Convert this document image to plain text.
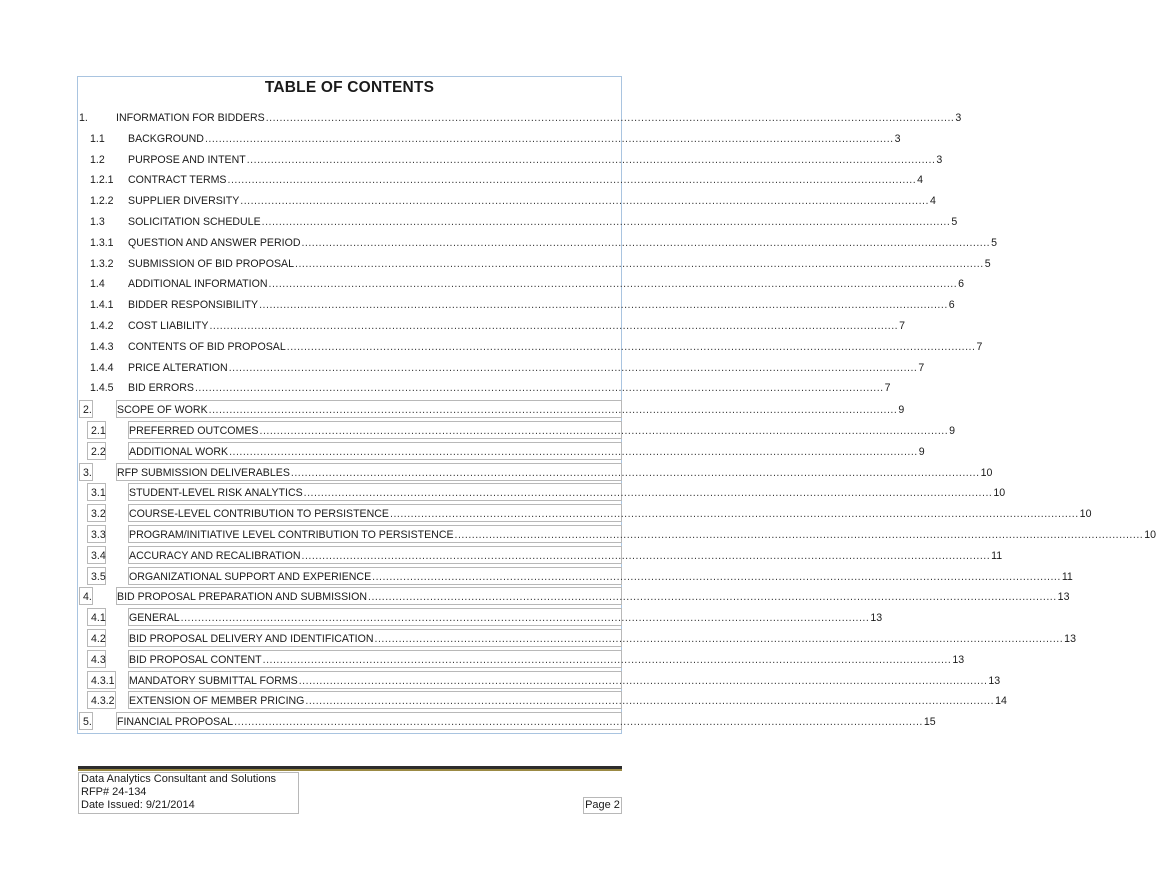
TABLE OF CONTENTS
1.	INFORMATION FOR BIDDERS ........................................................................................................................................................................................................ 3
1.1 BACKGROUND ........................................................................................................................................................................................................ 3
1.2 PURPOSE AND INTENT ........................................................................................................................................................................................................ 3
1.2.1 CONTRACT TERMS ........................................................................................................................................................................................................ 4
1.2.2 SUPPLIER DIVERSITY ........................................................................................................................................................................................................ 4
1.3 SOLICITATION SCHEDULE ........................................................................................................................................................................................................ 5
1.3.1 QUESTION AND ANSWER PERIOD ........................................................................................................................................................................................................ 5
1.3.2 SUBMISSION OF BID PROPOSAL ........................................................................................................................................................................................................ 5
1.4 ADDITIONAL INFORMATION ........................................................................................................................................................................................................ 6
1.4.1 BIDDER RESPONSIBILITY ........................................................................................................................................................................................................ 6
1.4.2 COST LIABILITY ........................................................................................................................................................................................................ 7
1.4.3 CONTENTS OF BID PROPOSAL ........................................................................................................................................................................................................ 7
1.4.4 PRICE ALTERATION ........................................................................................................................................................................................................ 7
1.4.5 BID ERRORS ........................................................................................................................................................................................................ 7
2. SCOPE OF WORK ........................................................................................................................................................................................................ 9
2.1 PREFERRED OUTCOMES ........................................................................................................................................................................................................ 9
2.2 ADDITIONAL WORK ........................................................................................................................................................................................................ 9
3. RFP SUBMISSION DELIVERABLES ........................................................................................................................................................................................................ 10
3.1 STUDENT-LEVEL RISK ANALYTICS ........................................................................................................................................................................................................ 10
3.2 COURSE-LEVEL CONTRIBUTION TO PERSISTENCE ........................................................................................................................................................................................................ 10
3.3 PROGRAM/INITIATIVE LEVEL CONTRIBUTION TO PERSISTENCE ........................................................................................................................................................................................................ 10
3.4 ACCURACY AND RECALIBRATION ........................................................................................................................................................................................................ 11
3.5 ORGANIZATIONAL SUPPORT AND EXPERIENCE ........................................................................................................................................................................................................ 11
4. BID PROPOSAL PREPARATION AND SUBMISSION ........................................................................................................................................................................................................ 13
4.1 GENERAL ........................................................................................................................................................................................................ 13
4.2 BID PROPOSAL DELIVERY AND IDENTIFICATION ........................................................................................................................................................................................................ 13
4.3 BID PROPOSAL CONTENT ........................................................................................................................................................................................................ 13
4.3.1 MANDATORY SUBMITTAL FORMS ........................................................................................................................................................................................................ 13
4.3.2 EXTENSION OF MEMBER PRICING ........................................................................................................................................................................................................ 14
5. FINANCIAL PROPOSAL ........................................................................................................................................................................................................ 15
Data Analytics Consultant and Solutions
RFP# 24-134
Date Issued: 9/21/2014	Page 2
